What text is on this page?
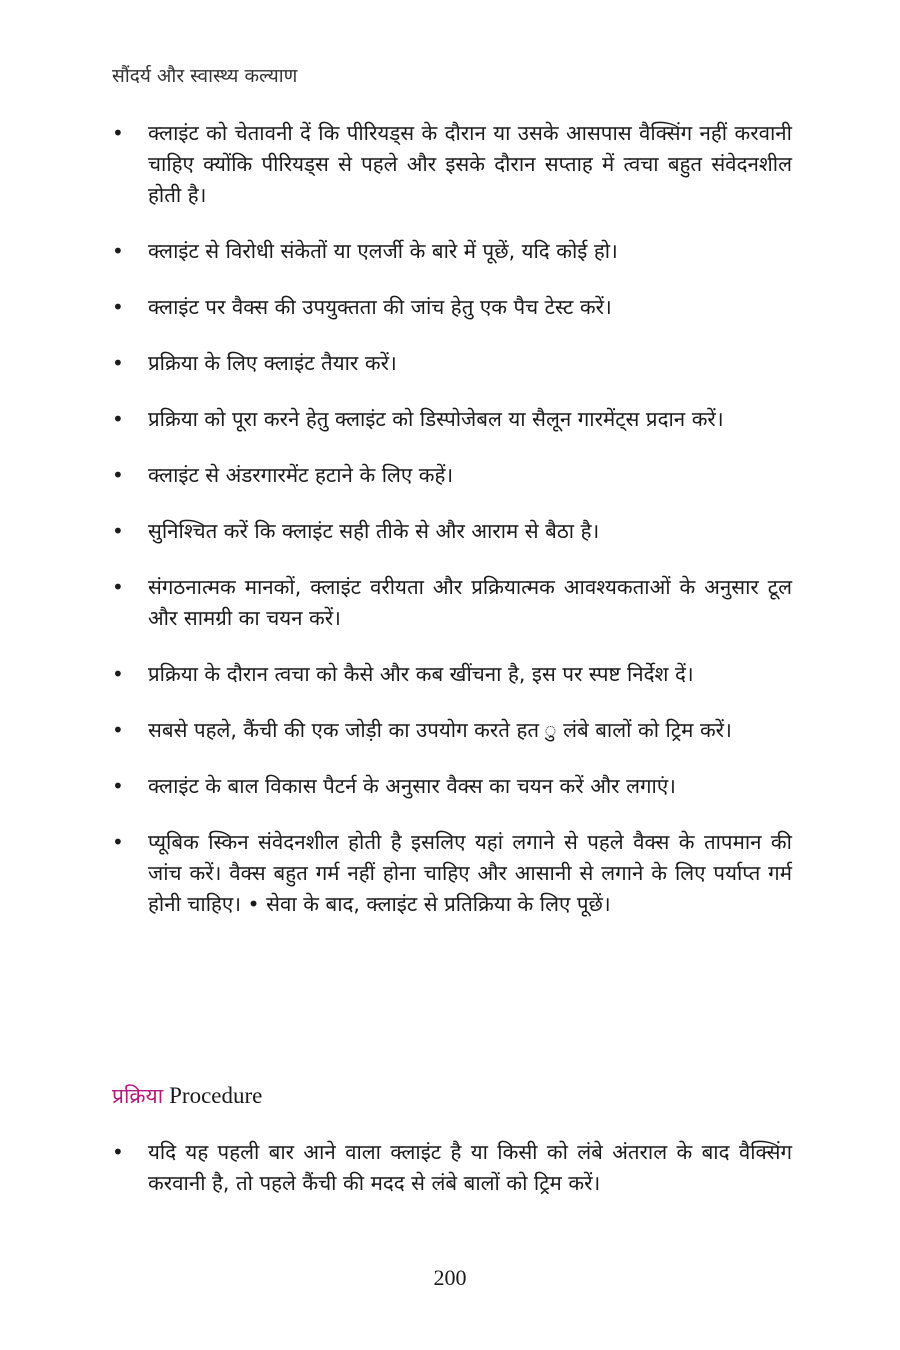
सौंदर्य और स्वास्थ्य कल्याण
• क्लाइंट को चेतावनी दें कि पीरियड्स के दौरान या उसके आसपास वैक्सिंग नहीं करवानी चाहिए क्योंकि पीरियड्स से पहले और इसके दौरान सप्ताह में त्वचा बहुत संवेदनशील होती है।
• क्लाइंट से विरोधी संकेतों या एलर्जी के बारे में पूछें, यदि कोई हो।
• क्लाइंट पर वैक्स की उपयुक्तता की जांच हेतु एक पैच टेस्ट करें।
• प्रक्रिया के लिए क्लाइंट तैयार करें।
• प्रक्रिया को पूरा करने हेतु क्लाइंट को डिस्पोजेबल या सैलून गारमेंट्स प्रदान करें।
• क्लाइंट से अंडरगारमेंट हटाने के लिए कहें।
• सुनिश्चित करें कि क्लाइंट सही तीके से और आराम से बैठा है।
• संगठनात्मक मानकों, क्लाइंट वरीयता और प्रक्रियात्मक आवश्यकताओं के अनुसार टूल और सामग्री का चयन करें।
• प्रक्रिया के दौरान त्वचा को कैसे और कब खींचना है, इस पर स्पष्ट निर्देश दें।
• सबसे पहले, कैंची की एक जोड़ी का उपयोग करते हत ु लंबे बालों को ट्रिम करें।
• क्लाइंट के बाल विकास पैटर्न के अनुसार वैक्स का चयन करें और लगाएं।
• प्यूबिक स्किन संवेदनशील होती है इसलिए यहां लगाने से पहले वैक्स के तापमान की जांच करें। वैक्स बहुत गर्म नहीं होना चाहिए और आसानी से लगाने के लिए पर्याप्त गर्म होनी चाहिए। • सेवा के बाद, क्लाइंट से प्रतिक्रिया के लिए पूछें।
प्रक्रिया Procedure
• यदि यह पहली बार आने वाला क्लाइंट है या किसी को लंबे अंतराल के बाद वैक्सिंग करवानी है, तो पहले कैंची की मदद से लंबे बालों को ट्रिम करें।
200
